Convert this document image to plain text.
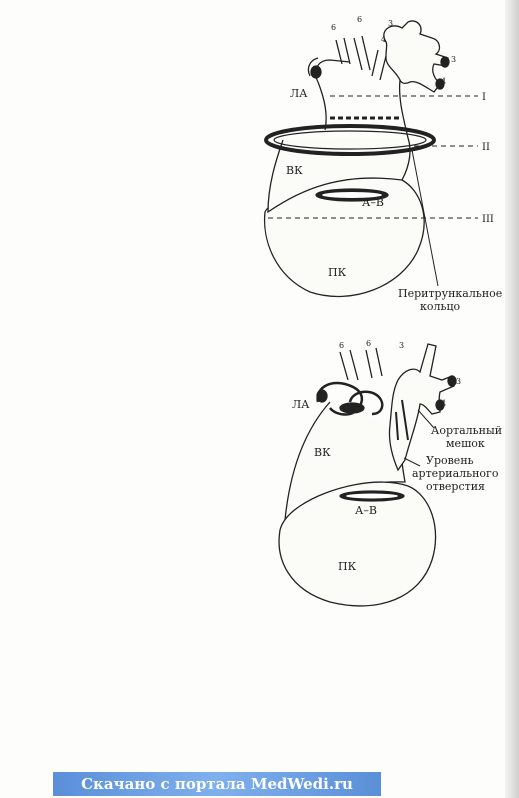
ЛА
ВК
А–В
ПК
I
II
III
6
6	3
4
3
4
Перитрункальное
кольцо
ЛА
ВК
А–В
ПК
6	6	3
3
4
Аортальный
мешок
Уровень
артериального
отверстия
Скачано с портала MedWedi.ru
